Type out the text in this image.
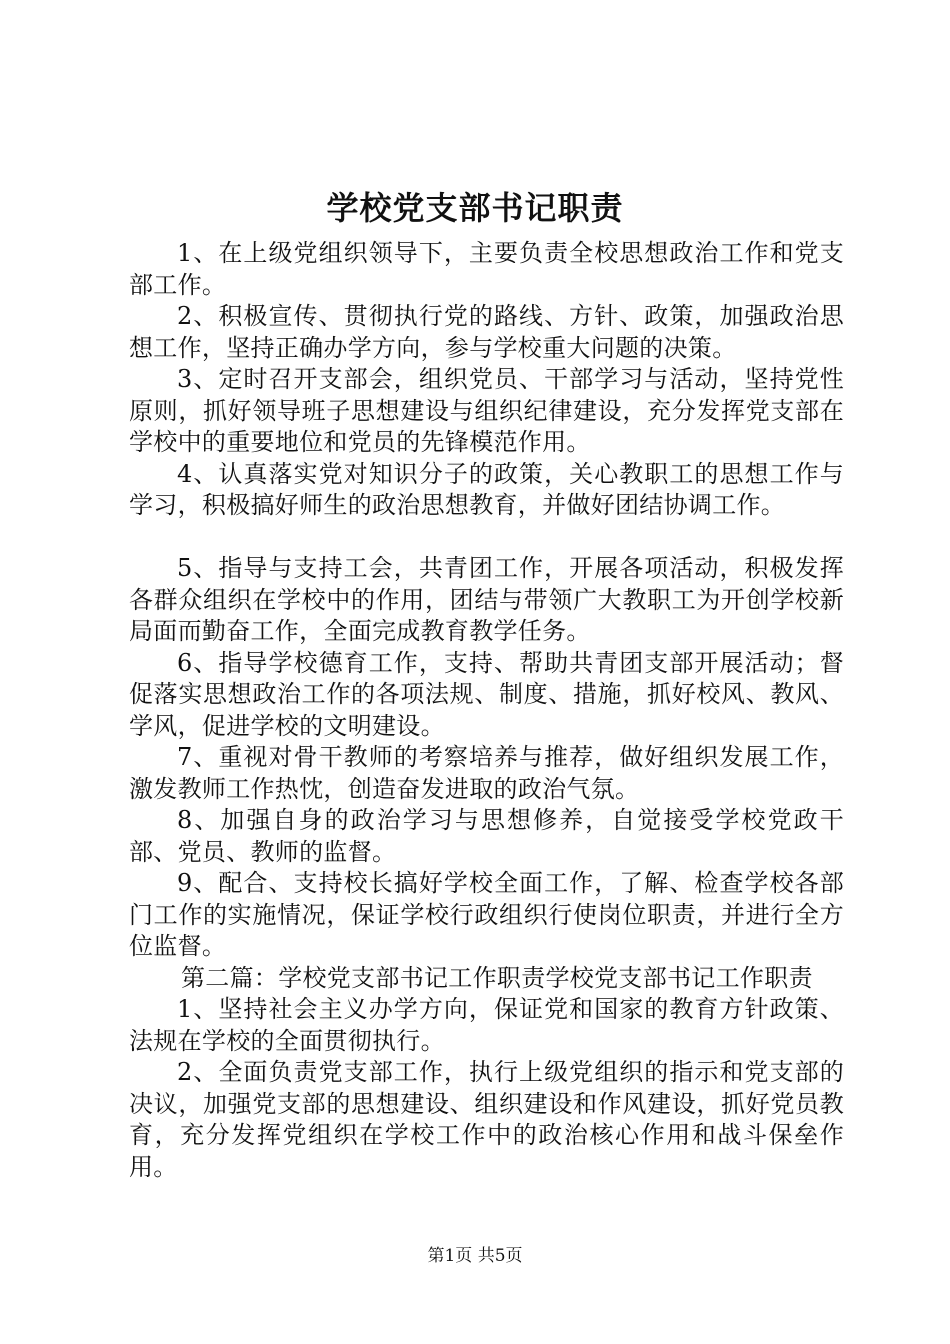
学校党支部书记职责

1、在上级党组织领导下，主要负责全校思想政治工作和党支部工作。

2、积极宣传、贯彻执行党的路线、方针、政策，加强政治思想工作，坚持正确办学方向，参与学校重大问题的决策。

3、定时召开支部会，组织党员、干部学习与活动，坚持党性原则，抓好领导班子思想建设与组织纪律建设，充分发挥党支部在学校中的重要地位和党员的先锋模范作用。

4、认真落实党对知识分子的政策，关心教职工的思想工作与学习，积极搞好师生的政治思想教育，并做好团结协调工作。

5、指导与支持工会，共青团工作，开展各项活动，积极发挥各群众组织在学校中的作用，团结与带领广大教职工为开创学校新局面而勤奋工作，全面完成教育教学任务。

6、指导学校德育工作，支持、帮助共青团支部开展活动；督促落实思想政治工作的各项法规、制度、措施，抓好校风、教风、学风，促进学校的文明建设。

7、重视对骨干教师的考察培养与推荐，做好组织发展工作，激发教师工作热忱，创造奋发进取的政治气氛。

8、加强自身的政治学习与思想修养，自觉接受学校党政干部、党员、教师的监督。

9、配合、支持校长搞好学校全面工作，了解、检查学校各部门工作的实施情况，保证学校行政组织行使岗位职责，并进行全方位监督。

第二篇：学校党支部书记工作职责学校党支部书记工作职责

1、坚持社会主义办学方向，保证党和国家的教育方针政策、法规在学校的全面贯彻执行。

2、全面负责党支部工作，执行上级党组织的指示和党支部的决议，加强党支部的思想建设、组织建设和作风建设，抓好党员教育，充分发挥党组织在学校工作中的政治核心作用和战斗保垒作用。

第1页 共5页
